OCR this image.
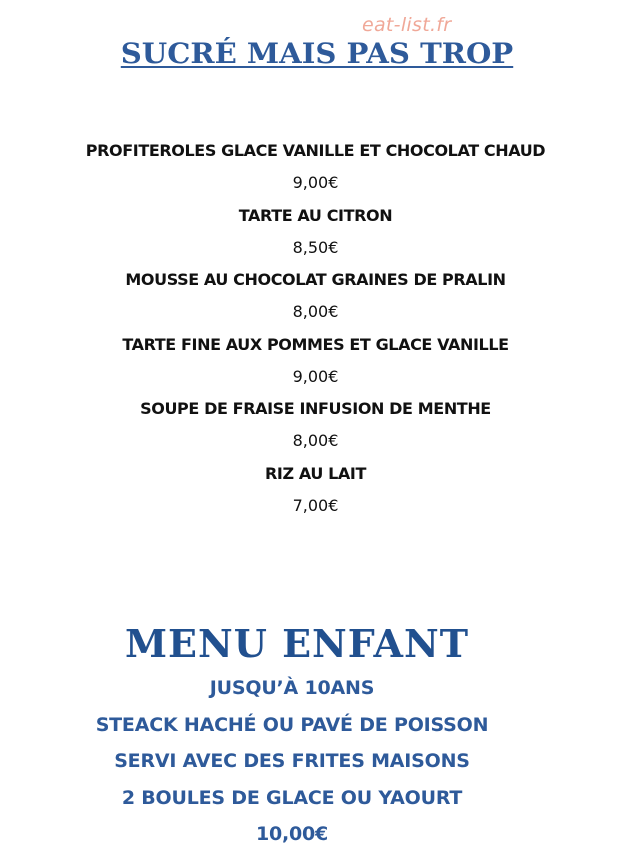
eat-list.fr
SUCRÉ MAIS PAS TROP

PROFITEROLES GLACE VANILLE ET CHOCOLAT CHAUD

9,00€

TARTE AU CITRON

8,50€

MOUSSE AU CHOCOLAT GRAINES DE PRALIN

8,00€

TARTE FINE AUX POMMES ET GLACE VANILLE

9,00€

SOUPE DE FRAISE INFUSION DE MENTHE

8,00€

RIZ AU LAIT

7,00€

MENU ENFANT

JUSQU’À 10ANS

STEACK HACHÉ OU PAVÉ DE POISSON

SERVI AVEC DES FRITES MAISONS

2 BOULES DE GLACE OU YAOURT

10,00€
